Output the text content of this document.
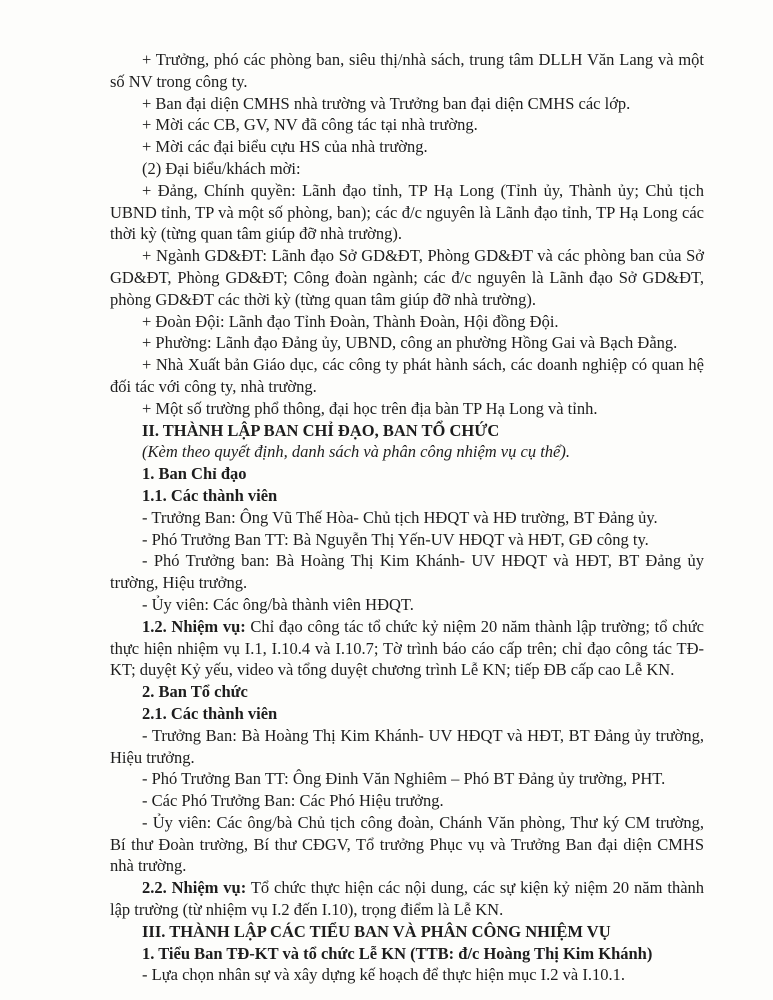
+ Trưởng, phó các phòng ban, siêu thị/nhà sách, trung tâm DLLH Văn Lang và một số NV trong công ty.

+ Ban đại diện CMHS nhà trường và Trưởng ban đại diện CMHS các lớp.

+ Mời các CB, GV, NV đã công tác tại nhà trường.

+ Mời các đại biểu cựu HS của nhà trường.

(2) Đại biểu/khách mời:

+ Đảng, Chính quyền: Lãnh đạo tỉnh, TP Hạ Long (Tỉnh ủy, Thành ủy; Chủ tịch UBND tỉnh, TP và một số phòng, ban); các đ/c nguyên là Lãnh đạo tỉnh, TP Hạ Long các thời kỳ (từng quan tâm giúp đỡ nhà trường).

+ Ngành GD&ĐT: Lãnh đạo Sở GD&ĐT, Phòng GD&ĐT và các phòng ban của Sở GD&ĐT, Phòng GD&ĐT; Công đoàn ngành; các đ/c nguyên là Lãnh đạo Sở GD&ĐT, phòng GD&ĐT các thời kỳ (từng quan tâm giúp đỡ nhà trường).

+ Đoàn Đội: Lãnh đạo Tỉnh Đoàn, Thành Đoàn, Hội đồng Đội.

+ Phường: Lãnh đạo Đảng ủy, UBND, công an phường Hồng Gai và Bạch Đằng.

+ Nhà Xuất bản Giáo dục, các công ty phát hành sách, các doanh nghiệp có quan hệ đối tác với công ty, nhà trường.

+ Một số trường phổ thông, đại học trên địa bàn TP Hạ Long và tỉnh.

II. THÀNH LẬP BAN CHỈ ĐẠO, BAN TỔ CHỨC

(Kèm theo quyết định, danh sách và phân công nhiệm vụ cụ thể).

1. Ban Chỉ đạo

1.1. Các thành viên

- Trưởng Ban: Ông Vũ Thế Hòa- Chủ tịch HĐQT và HĐ trường, BT Đảng ủy.

- Phó Trưởng Ban TT: Bà Nguyễn Thị Yến-UV HĐQT và HĐT, GĐ công ty.

- Phó Trưởng ban: Bà Hoàng Thị Kim Khánh- UV HĐQT và HĐT, BT Đảng ủy trường, Hiệu trưởng.

- Ủy viên: Các ông/bà thành viên HĐQT.

1.2. Nhiệm vụ: Chỉ đạo công tác tổ chức kỷ niệm 20 năm thành lập trường; tổ chức thực hiện nhiệm vụ I.1, I.10.4 và I.10.7; Tờ trình báo cáo cấp trên; chỉ đạo công tác TĐ-KT; duyệt Kỷ yếu, video và tổng duyệt chương trình Lễ KN; tiếp ĐB cấp cao Lễ KN.

2. Ban Tổ chức

2.1. Các thành viên

- Trưởng Ban: Bà Hoàng Thị Kim Khánh- UV HĐQT và HĐT, BT Đảng ủy trường, Hiệu trưởng.

- Phó Trưởng Ban TT: Ông Đinh Văn Nghiêm – Phó BT Đảng ủy trường, PHT.

- Các Phó Trưởng Ban: Các Phó Hiệu trưởng.

- Ủy viên: Các ông/bà Chủ tịch công đoàn, Chánh Văn phòng, Thư ký CM trường, Bí thư Đoàn trường, Bí thư CĐGV, Tổ trưởng Phục vụ và Trưởng Ban đại diện CMHS nhà trường.

2.2. Nhiệm vụ: Tổ chức thực hiện các nội dung, các sự kiện kỷ niệm 20 năm thành lập trường (từ nhiệm vụ I.2 đến I.10), trọng điểm là Lễ KN.

III. THÀNH LẬP CÁC TIỂU BAN VÀ PHÂN CÔNG NHIỆM VỤ

1. Tiểu Ban TĐ-KT và tổ chức Lễ KN (TTB: đ/c Hoàng Thị Kim Khánh)

- Lựa chọn nhân sự và xây dựng kế hoạch để thực hiện mục I.2 và I.10.1.
